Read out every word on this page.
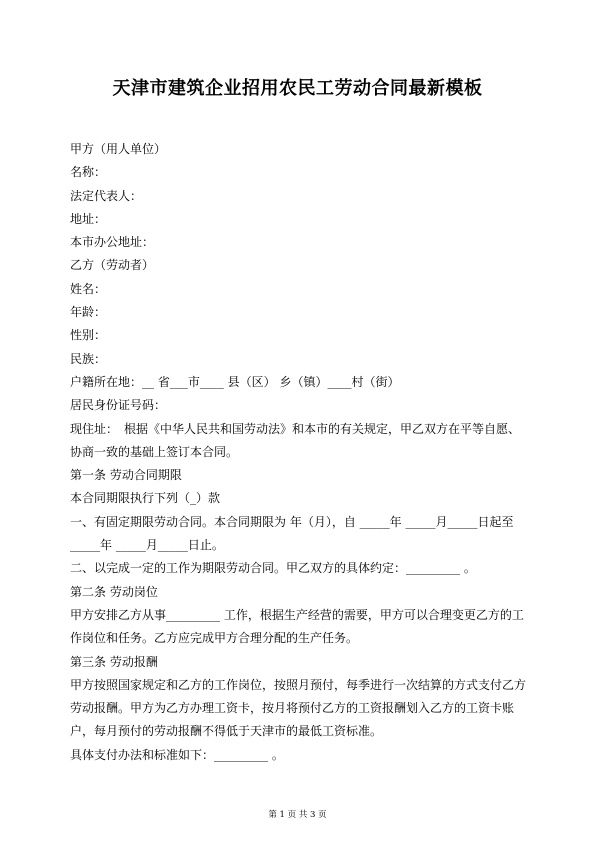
天津市建筑企业招用农民工劳动合同最新模板
甲方（用人单位）
名称：
法定代表人：
地址：
本市办公地址：
乙方（劳动者）
姓名：
年龄：
性别：
民族：
户籍所在地：__ 省___市____ 县（区） 乡（镇）____村（街）
居民身份证号码：
现住址：　根据《中华人民共和国劳动法》和本市的有关规定，甲乙双方在平等自愿、协商一致的基础上签订本合同。
第一条 劳动合同期限
本合同期限执行下列（_）款
一、有固定期限劳动合同。本合同期限为 年（月），自 _____年 _____月_____日起至 _____年 _____月_____日止。
二、以完成一定的工作为期限劳动合同。甲乙双方的具体约定：_________ 。
第二条 劳动岗位
甲方安排乙方从事_________ 工作，根据生产经营的需要，甲方可以合理变更乙方的工作岗位和任务。乙方应完成甲方合理分配的生产任务。
第三条 劳动报酬
甲方按照国家规定和乙方的工作岗位，按照月预付，每季进行一次结算的方式支付乙方劳动报酬。甲方为乙方办理工资卡，按月将预付乙方的工资报酬划入乙方的工资卡账户，每月预付的劳动报酬不得低于天津市的最低工资标准。
具体支付办法和标准如下：_________ 。
第 1 页 共 3 页
